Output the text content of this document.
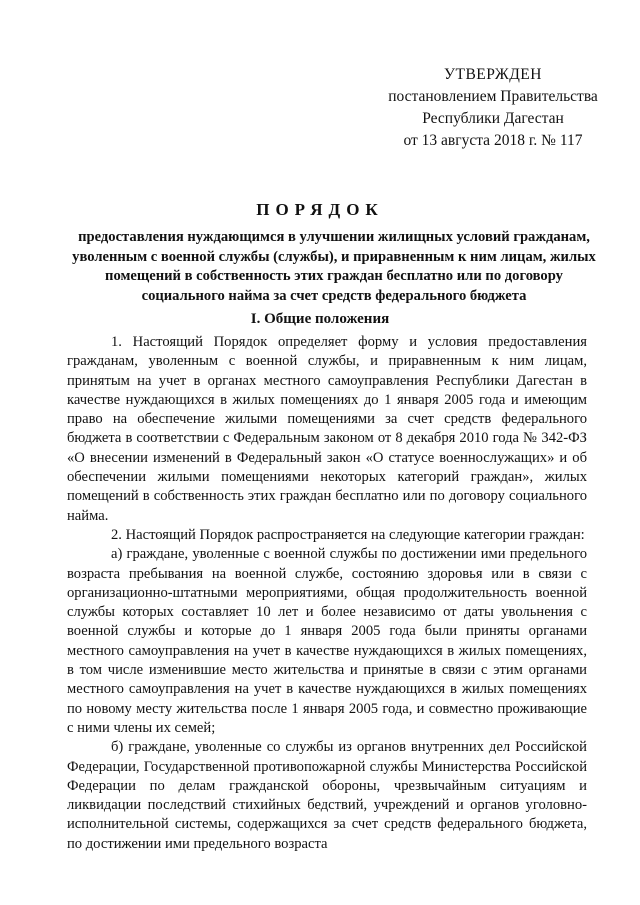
УТВЕРЖДЕН
постановлением Правительства
Республики Дагестан
от 13 августа 2018 г. № 117
ПОРЯДОК
предоставления нуждающимся в улучшении жилищных условий гражданам, уволенным с военной службы (службы), и приравненным к ним лицам, жилых помещений в собственность этих граждан бесплатно или по договору социального найма за счет средств федерального бюджета
I. Общие положения

1. Настоящий Порядок определяет форму и условия предоставления гражданам, уволенным с военной службы, и приравненным к ним лицам, принятым на учет в органах местного самоуправления Республики Дагестан в качестве нуждающихся в жилых помещениях до 1 января 2005 года и имеющим право на обеспечение жилыми помещениями за счет средств федерального бюджета в соответствии с Федеральным законом от 8 декабря 2010 года № 342-ФЗ «О внесении изменений в Федеральный закон «О статусе военнослужащих» и об обеспечении жилыми помещениями некоторых категорий граждан», жилых помещений в собственность этих граждан бесплатно или по договору социального найма.

2. Настоящий Порядок распространяется на следующие категории граждан:

а) граждане, уволенные с военной службы по достижении ими предельного возраста пребывания на военной службе, состоянию здоровья или в связи с организационно-штатными мероприятиями, общая продолжительность военной службы которых составляет 10 лет и более независимо от даты увольнения с военной службы и которые до 1 января 2005 года были приняты органами местного самоуправления на учет в качестве нуждающихся в жилых помещениях, в том числе изменившие место жительства и принятые в связи с этим органами местного самоуправления на учет в качестве нуждающихся в жилых помещениях по новому месту жительства после 1 января 2005 года, и совместно проживающие с ними члены их семей;

б) граждане, уволенные со службы из органов внутренних дел Российской Федерации, Государственной противопожарной службы Министерства Российской Федерации по делам гражданской обороны, чрезвычайным ситуациям и ликвидации последствий стихийных бедствий, учреждений и органов уголовно-исполнительной системы, содержащихся за счет средств федерального бюджета, по достижении ими предельного возраста
